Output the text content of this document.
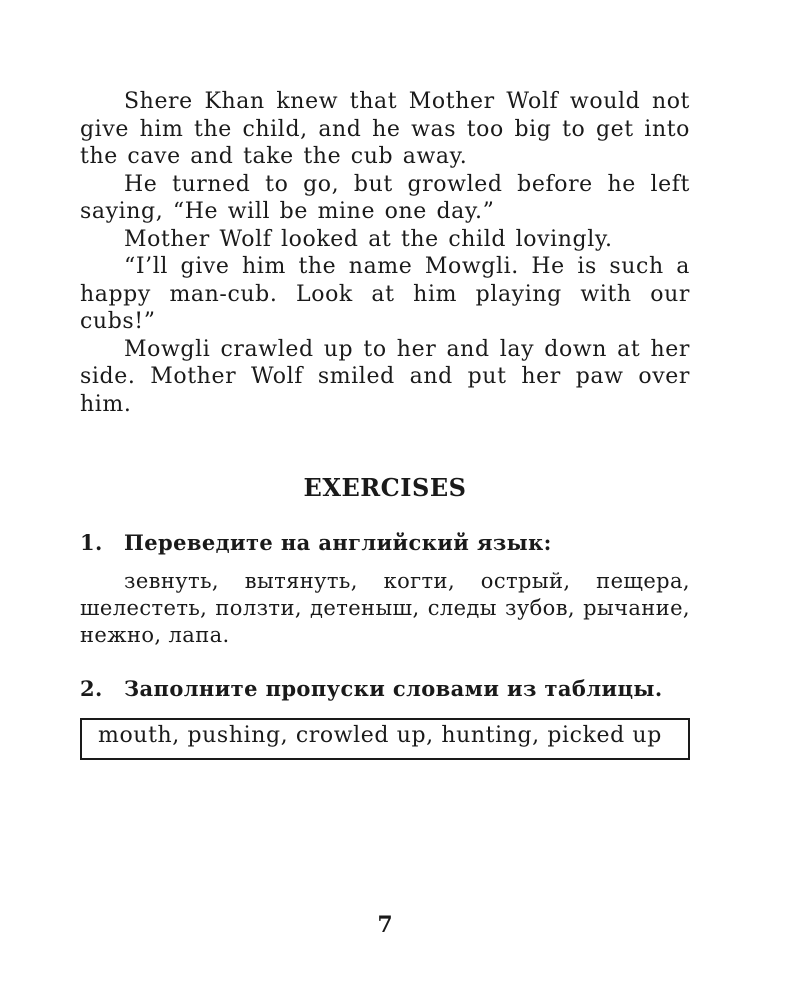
Shere Khan knew that Mother Wolf would not give him the child, and he was too big to get into the cave and take the cub away.

He turned to go, but growled before he left saying, “He will be mine one day.”

Mother Wolf looked at the child lovingly.

“I’ll give him the name Mowgli. He is such a happy man-cub. Look at him playing with our cubs!”

Mowgli crawled up to her and lay down at her side. Mother Wolf smiled and put her paw over him.

EXERCISES
1.	Переведите на английский язык:

зевнуть, вытянуть, когти, острый, пещера, шелестеть, ползти, детеныш, следы зубов, рычание, нежно, лапа.

2.	Заполните пропуски словами из таблицы.
mouth, pushing, crowled up, hunting, picked up
7
